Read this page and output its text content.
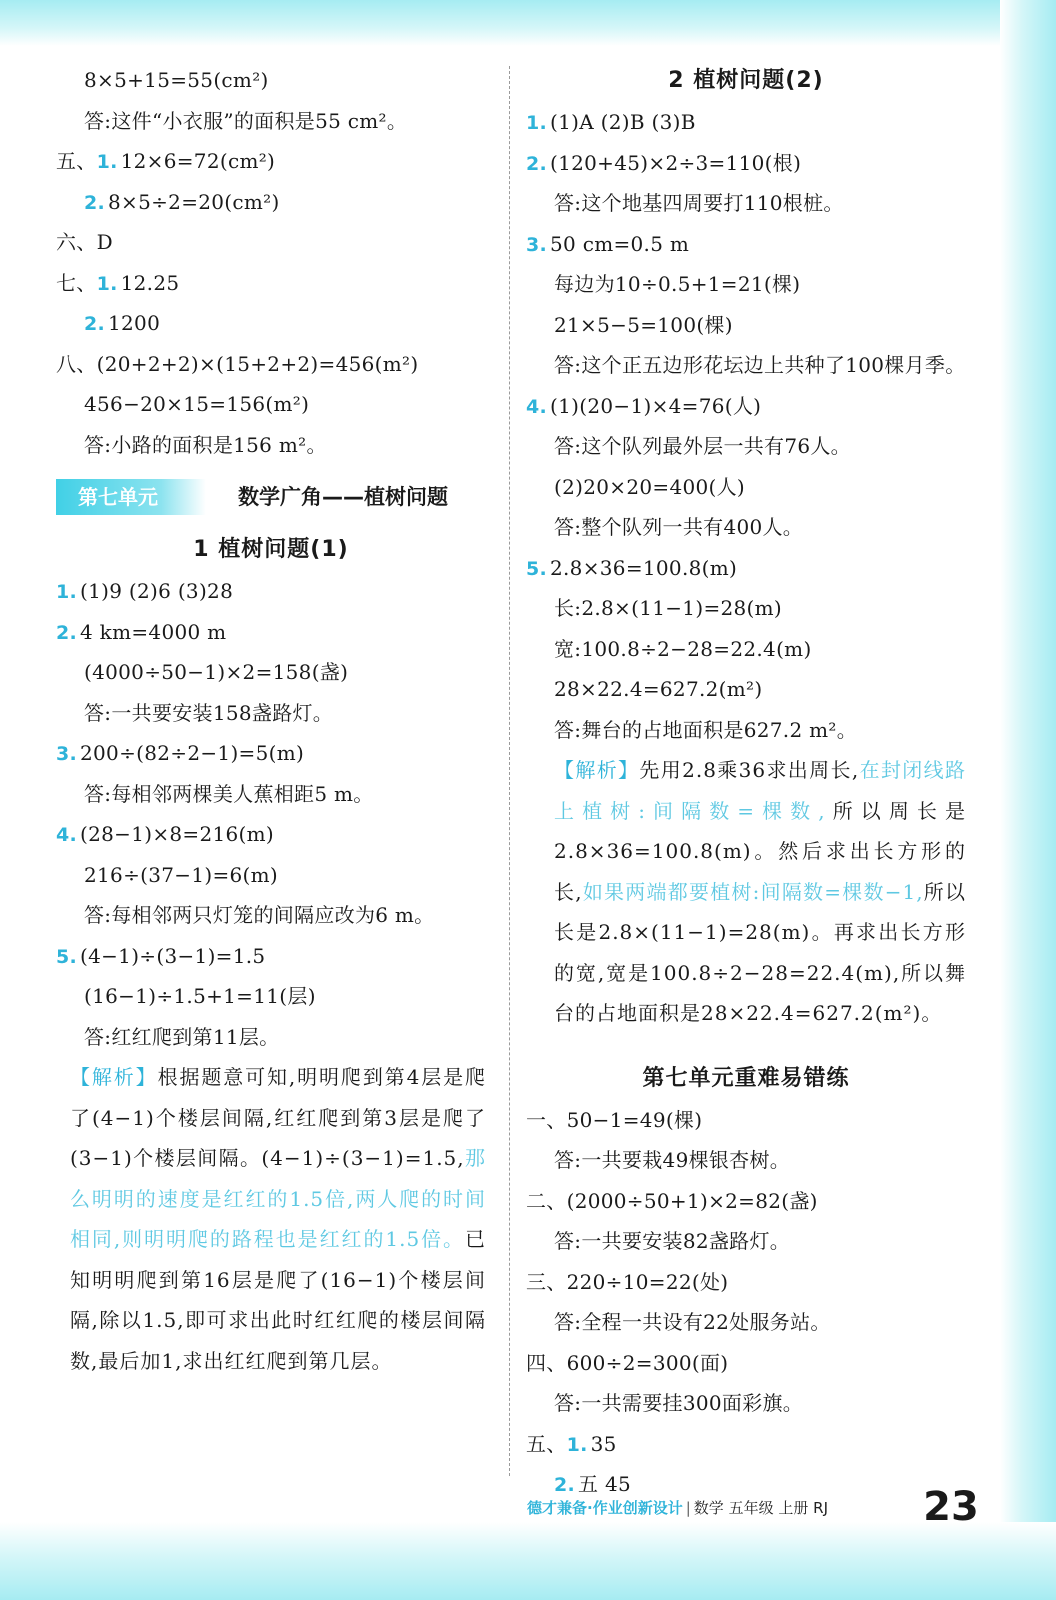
8×5+15=55(cm²)
答:这件“小衣服”的面积是55 cm²。
五、1. 12×6=72(cm²)
2. 8×5÷2=20(cm²)
六、D
七、1. 12.25
2. 1200
八、(20+2+2)×(15+2+2)=456(m²)
456−20×15=156(m²)
答:小路的面积是156 m²。
第七单元	数学广角——植树问题
1 植树问题(1)
1. (1)9 (2)6 (3)28
2. 4 km=4000 m
(4000÷50−1)×2=158(盏)
答:一共要安装158盏路灯。
3. 200÷(82÷2−1)=5(m)
答:每相邻两棵美人蕉相距5 m。
4. (28−1)×8=216(m)
216÷(37−1)=6(m)
答:每相邻两只灯笼的间隔应改为6 m。
5. (4−1)÷(3−1)=1.5
(16−1)÷1.5+1=11(层)
答:红红爬到第11层。
【解析】根据题意可知,明明爬到第4层是爬了(4−1)个楼层间隔,红红爬到第3层是爬了(3−1)个楼层间隔。(4−1)÷(3−1)=1.5,那么明明的速度是红红的1.5倍,两人爬的时间相同,则明明爬的路程也是红红的1.5倍。已知明明爬到第16层是爬了(16−1)个楼层间隔,除以1.5,即可求出此时红红爬的楼层间隔数,最后加1,求出红红爬到第几层。
2 植树问题(2)
1. (1)A (2)B (3)B
2. (120+45)×2÷3=110(根)
答:这个地基四周要打110根桩。
3. 50 cm=0.5 m
每边为10÷0.5+1=21(棵)
21×5−5=100(棵)
答:这个正五边形花坛边上共种了100棵月季。
4. (1)(20−1)×4=76(人)
答:这个队列最外层一共有76人。
(2)20×20=400(人)
答:整个队列一共有400人。
5. 2.8×36=100.8(m)
长:2.8×(11−1)=28(m)
宽:100.8÷2−28=22.4(m)
28×22.4=627.2(m²)
答:舞台的占地面积是627.2 m²。
【解析】先用2.8乘36求出周长,在封闭线路上植树:间隔数=棵数,所以周长是2.8×36=100.8(m)。然后求出长方形的长,如果两端都要植树:间隔数=棵数−1,所以长是2.8×(11−1)=28(m)。再求出长方形的宽,宽是100.8÷2−28=22.4(m),所以舞台的占地面积是28×22.4=627.2(m²)。
第七单元重难易错练
一、50−1=49(棵)
答:一共要栽49棵银杏树。
二、(2000÷50+1)×2=82(盏)
答:一共要安装82盏路灯。
三、220÷10=22(处)
答:全程一共设有22处服务站。
四、600÷2=300(面)
答:一共需要挂300面彩旗。
五、1. 35
2. 五 45
德才兼备·作业创新设计 | 数学 五年级 上册 RJ 23
